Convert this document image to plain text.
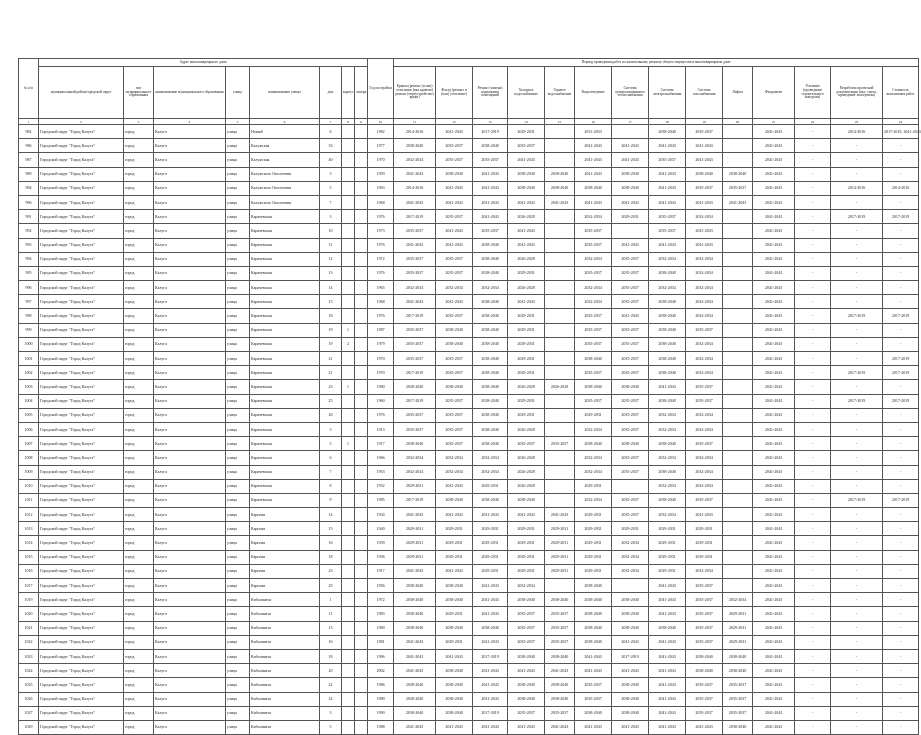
№ п/п	Адрес многоквартирного дома								Год постройки	Период проведения работ по капитальному ремонту общего имущества в многоквартирном доме													
	муниципальный район/городской округ	тип муниципального образования	наименование муниципального образования	улица	наименование улицы	дом	корпус	литера		Крыша (ремонт (и или) утепление (вкл.кровлю) ремонт (переустройство) крыш)	Фасад (ремонт и (или) утепление)	Ремонт (замена) подвальных помещений	Холодное водоснабжение	Горячее водоснабжение	Водоотведение	Система централизованного теплоснабжения	Система электроснабжения	Система газоснабжения	Лифты	Фундамент	Усиление (проведение строительного контроля)	Разработка проектной документации (вкл. смета, проведение экспертизы)	Стоимость выполнения работ
1	2	3	4	5	6	7	8	9	10	11	12	13	14	15	16	17	18	19	20	21	22	23	24
982	Городской округ "Город Калуга"	город	Калуга	улица	Новый	6			1982	2014-2016	2041-2043	2017-2019	2029-2031		2031-2033		2038-2040	2035-2037		2041-2043	-	2014-2016	2017-2019, 2041-2043
986	Городской округ "Город Калуга"	город	Калуга	улица	Калужская	33			1977	2038-2040	2035-2037	2038-2040	2035-2037		2041-2043	2041-2043	2041-2043	2041-2043		2041-2043	-	-	-
987	Городской округ "Город Калуга"	город	Калуга	улица	Калужская	40			1970	2032-2034	2035-2037	2035-2037	2041-2043		2041-2043	2041-2043	2035-2037	2041-2043		2041-2043	-	-	-
989	Городской округ "Город Калуга"	город	Калуга	улица	Калужского Ополчения	3			1959	2041-2043	2038-2040	2041-2043	2038-2040	2038-2040	2041-2043	2038-2040	2041-2043	2038-2040	2038-2040	2041-2043	-	-	-
994	Городской округ "Город Калуга"	город	Калуга	улица	Калужского Ополчения	5			1963	2014-2016	2041-2043	2041-2043	2038-2040	2038-2040	2038-2040	2038-2040	2041-2043	2035-2037	2035-2037	2041-2043	-	2014-2016	2014-2016
996	Городской округ "Город Калуга"	город	Калуга	улица	Калужского Ополчения	7			1968	2041-2043	2041-2043	2041-2043	2041-2043	2041-2043	2041-2043	2041-2043	2041-2043	2041-2043	2041-2043	2041-2043	-	-	-
991	Городской округ "Город Калуга"	город	Калуга	улица	Карачевская	3			1976	2017-2019	2035-2037	2041-2043	2026-2028		2032-2034	2029-2031	2035-2037	2032-2034		2041-2043	-	2017-2019	2017-2019
992	Городской округ "Город Калуга"	город	Калуга	улица	Карачевская	10			1973	2035-2037	2041-2043	2035-2037	2041-2043		2035-2037		2035-2037	2041-2043		2041-2043	-	-	-
993	Городской округ "Город Калуга"	город	Калуга	улица	Карачевская	11			1976	2041-2043	2041-2043	2038-2040	2041-2043		2035-2037	2041-2043	2041-2043	2041-2043		2041-2043	-	-	-
994	Городской округ "Город Калуга"	город	Калуга	улица	Карачевская	12			1972	2035-2037	2035-2037	2038-2040	2026-2028		2032-2034	2035-2037	2032-2034	2032-2034		2041-2043	-	-	-
995	Городской округ "Город Калуга"	город	Калуга	улица	Карачевская	13			1976	2035-2037	2035-2037	2038-2040	2029-2031		2035-2037	2035-2037	2038-2040	2032-2034		2041-2043	-	-	-
996	Городской округ "Город Калуга"	город	Калуга	улица	Карачевская	14			1965	2032-2034	2032-2034	2032-2034	2026-2028		2032-2034	2035-2037	2032-2034	2032-2034		2041-2043	-	-	-
997	Городской округ "Город Калуга"	город	Калуга	улица	Карачевская	15			1968	2041-2043	2041-2043	2038-2040	2041-2043		2032-2034	2035-2037	2038-2040	2032-2034		2041-2043	-	-	-
998	Городской округ "Город Калуга"	город	Калуга	улица	Карачевская	18			1976	2017-2019	2035-2037	2038-2040	2029-2031		2035-2037	2041-2043	2038-2040	2032-2034		2041-2043	-	2017-2019	2017-2019
999	Городской округ "Город Калуга"	город	Калуга	улица	Карачевская	19	1		1987	2035-2037	2038-2040	2038-2040	2029-2031		2035-2037	2035-2037	2038-2040	2035-2037		2041-2043	-	-	-
1000	Городской округ "Город Калуга"	город	Калуга	улица	Карачевская	19	2		1979	2035-2037	2038-2040	2038-2040	2029-2031		2035-2037	2035-2037	2038-2040	2032-2034		2041-2043	-	-	-
1001	Городской округ "Город Калуга"	город	Калуга	улица	Карачевская	21			1970	2035-2037	2035-2037	2038-2040	2029-2031		2038-2040	2035-2037	2038-2040	2032-2034		2041-2043	-	-	2017-2019
1002	Городской округ "Город Калуга"	город	Калуга	улица	Карачевская	21			1970	2017-2019	2035-2037	2038-2040	2029-2031		2035-2037	2035-2037	2038-2040	2032-2034		2041-2043	-	2017-2019	2017-2019
1003	Городской округ "Город Калуга"	город	Калуга	улица	Карачевская	23	1		1980	2038-2040	2038-2040	2038-2040	2026-2028	2026-2028	2038-2040	2038-2040	2041-2043	2035-2037		2041-2043	-	-	-
1004	Городской округ "Город Калуга"	город	Калуга	улица	Карачевская	25			1960	2017-2019	2035-2037	2038-2040	2029-2031		2035-2037	2035-2037	2038-2040	2035-2037		2041-2043	-	2017-2019	2017-2019
1005	Городской округ "Город Калуга"	город	Калуга	улица	Карачевская	26			1976	2035-2037	2035-2037	2038-2040	2029-2031		2029-2031	2035-2037	2032-2034	2032-2034		2041-2043	-	-	-
1006	Городской округ "Город Калуга"	город	Калуга	улица	Карачевская	3			1913	2035-2037	2035-2037	2038-2040	2026-2028		2032-2034	2035-2037	2032-2034	2032-2034		2041-2043	-	-	-
1007	Городской округ "Город Калуга"	город	Калуга	улица	Карачевская	5	1		1917	2038-2040	2035-2037	2038-2040	2035-2037	2035-2037	2038-2040	2038-2040	2038-2040	2035-2037		2041-2043	-	-	-
1008	Городской округ "Город Калуга"	город	Калуга	улица	Карачевская	6			1966	2032-2034	2032-2034	2032-2034	2026-2028		2032-2034	2035-2037	2032-2034	2032-2034		2041-2043	-	-	-
1009	Городской округ "Город Калуга"	город	Калуга	улица	Карачевская	7			1953	2032-2034	2032-2034	2032-2034	2026-2028		2032-2034	2035-2037	2038-2040	2032-2034		2041-2043	-	-	-
1010	Городской округ "Город Калуга"	город	Калуга	улица	Карачевская	8			1952	2029-2031	2041-2043	2029-2031	2026-2028		2029-2031		2032-2034	2032-2034		2041-2043	-	-	-
1011	Городской округ "Город Калуга"	город	Калуга	улица	Карачевская	9			1985	2017-2019	2038-2040	2038-2040	2038-2040		2032-2034	2035-2037	2038-2040	2035-2037		2041-2043	-	2017-2019	2017-2019
1012	Городской округ "Город Калуга"	город	Калуга	улица	Карпова	14			1934	2041-2043	2041-2043	2041-2043	2041-2043	2041-2043	2029-2031	2035-2037	2032-2034	2041-2043		2041-2043	-	-	-
1013	Городской округ "Город Калуга"	город	Калуга	улица	Карпова	15			1940	2029-2031	2029-2031	2029-2031	2029-2031	2029-2031	2029-2031	2029-2031	2029-2031	2029-2031		2041-2043	-	-	-
1014	Городской округ "Город Калуга"	город	Калуга	улица	Карпова	16			1939	2029-2031	2029-2031	2029-2031	2029-2031	2029-2031	2029-2031	2032-2034	2029-2031	2029-2031		2041-2043	-	-	-
1015	Городской округ "Город Калуга"	город	Калуга	улица	Карпова	18			1936	2029-2031	2029-2031	2029-2031	2029-2031	2029-2031	2029-2031	2032-2034	2029-2031	2029-2031		2041-2043	-	-	-
1016	Городской округ "Город Калуга"	город	Калуга	улица	Карпова	23			1917	2041-2043	2041-2043	2029-2031	2029-2031	2029-2031	2029-2031	2032-2034	2029-2031	2032-2034		2041-2043	-	-	-
1017	Городской округ "Город Калуга"	город	Калуга	улица	Карпова	25			1956	2038-2040	2038-2040	2041-2043	2032-2034		2038-2040		2041-2043	2035-2037		2041-2043	-	-	-
1019	Городской округ "Город Калуга"	город	Калуга	улица	Кибальчича	1			1972	2038-2040	2038-2040	2041-2043	2038-2040	2038-2040	2038-2040	2038-2040	2041-2043	2035-2037	2032-2034	2041-2043	-	-	-
1020	Городской округ "Город Калуга"	город	Калуга	улица	Кибальчича	11			1983	2038-2040	2029-2031	2041-2043	2035-2037	2035-2037	2038-2040	2038-2040	2041-2043	2035-2037	2029-2031	2041-2043	-	-	-
1021	Городской округ "Город Калуга"	город	Калуга	улица	Кибальчича	13			1980	2038-2040	2038-2040	2038-2040	2035-2037	2035-2037	2038-2040	2038-2040	2038-2040	2035-2037	2029-2031	2041-2043	-	-	-
1022	Городской округ "Город Калуга"	город	Калуга	улица	Кибальчича	16			1981	2041-2043	2029-2031	2041-2043	2035-2037	2035-2037	2038-2040	2041-2043	2041-2043	2035-2037	2029-2031	2041-2043	-	-	-
1023	Городской округ "Город Калуга"	город	Калуга	улица	Кибальчича	18			1996	2041-2043	2041-2043	2017-2019	2038-2040	2038-2040	2041-2043	2017-2019	2041-2043	2038-2040	2038-2040	2041-2043	-	-	-
1024	Городской округ "Город Калуга"	город	Калуга	улица	Кибальчича	20			2002	2041-2043	2038-2040	2041-2043	2041-2043	2041-2043	2041-2043	2041-2043	2041-2043	2038-2040	2038-2040	2041-2043	-	-	-
1025	Городской округ "Город Калуга"	город	Калуга	улица	Кибальчича	22			1986	2038-2040	2038-2040	2041-2043	2038-2040	2038-2040	2035-2037	2038-2040	2041-2043	2035-2037	2035-2037	2041-2043	-	-	-
1026	Городской округ "Город Калуга"	город	Калуга	улица	Кибальчича	24			1989	2038-2040	2038-2040	2041-2043	2038-2040	2038-2040	2035-2037	2038-2040	2041-2043	2035-2037	2035-2037	2041-2043	-	-	-
1027	Городской округ "Город Калуга"	город	Калуга	улица	Кибальчича	3			1990	2038-2040	2038-2040	2017-2019	2035-2037	2035-2037	2038-2040	2038-2040	2041-2043	2035-2037	2035-2037	2041-2043	-	-	-
1029	Городской округ "Город Калуга"	город	Калуга	улица	Кибальчича	5			1988	2041-2043	2041-2043	2041-2043	2041-2043	2041-2043	2041-2043	2041-2043	2041-2043	2041-2043	2038-2040	2041-2043	-	-	-
